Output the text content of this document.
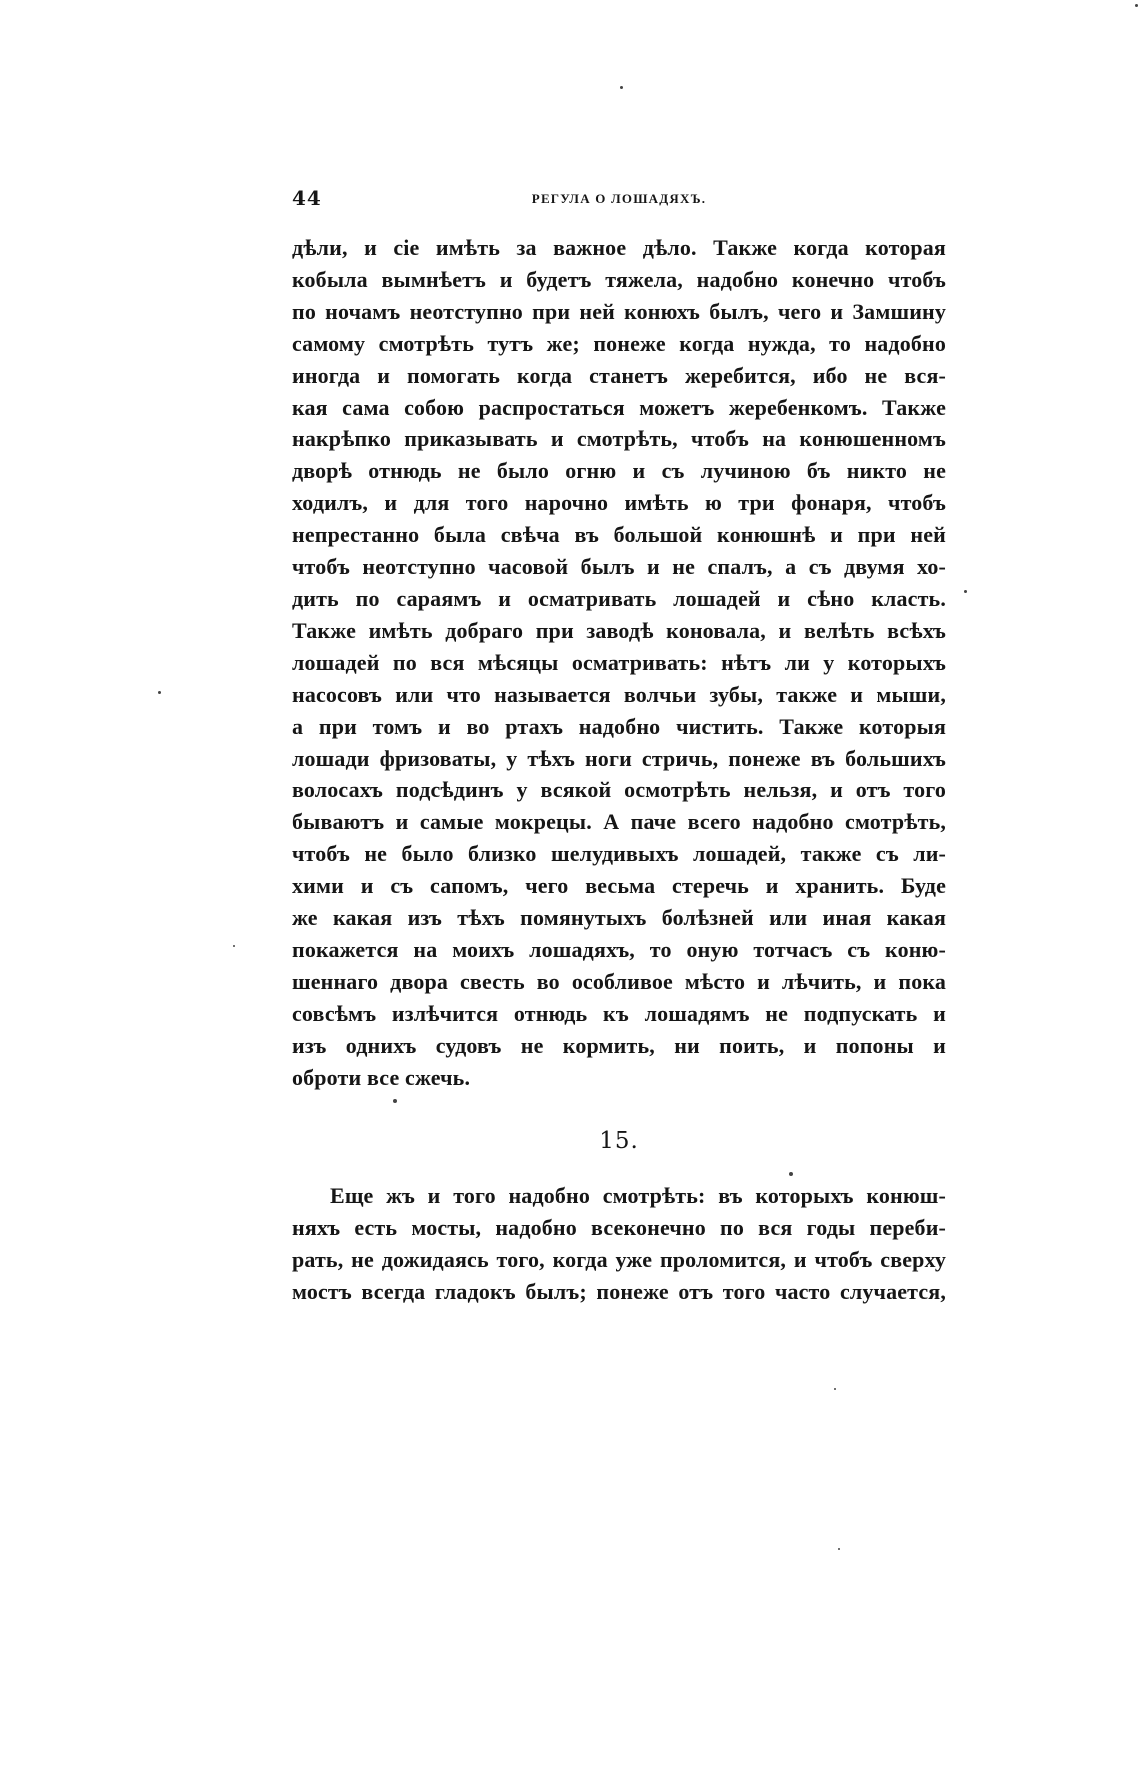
44	РЕГУЛА О ЛОШАДЯХЪ.
дѣли, и сіе имѣть за важное дѣло. Также когда которая
кобыла вымнѣетъ и будетъ тяжела, надобно конечно чтобъ
по ночамъ неотступно при ней конюхъ былъ, чего и Замшину
самому смотрѣть тутъ же; понеже когда нужда, то надобно
иногда и помогать когда станетъ жеребится, ибо не вся-
кая сама собою распростаться можетъ жеребенкомъ. Также
накрѣпко приказывать и смотрѣть, чтобъ на конюшенномъ
дворѣ отнюдь не было огню и съ лучиною бъ никто не
ходилъ, и для того нарочно имѣть ю три фонаря, чтобъ
непрестанно была свѣча въ большой конюшнѣ и при ней
чтобъ неотступно часовой былъ и не спалъ, а съ двумя хо-
дить по сараямъ и осматривать лошадей и сѣно класть.
Также имѣть добраго при заводѣ коновала, и велѣть всѣхъ
лошадей по вся мѣсяцы осматривать: нѣтъ ли у которыхъ
насосовъ или что называется волчьи зубы, также и мыши,
а при томъ и во ртахъ надобно чистить. Также которыя
лошади фризоваты, у тѣхъ ноги стричь, понеже въ большихъ
волосахъ подсѣдинъ у всякой осмотрѣть нельзя, и отъ того
бываютъ и самые мокрецы. А паче всего надобно смотрѣть,
чтобъ не было близко шелудивыхъ лошадей, также съ ли-
хими и съ сапомъ, чего весьма стеречь и хранить. Буде
же какая изъ тѣхъ помянутыхъ болѣзней или иная какая
покажется на моихъ лошадяхъ, то оную тотчасъ съ коню-
шеннаго двора свесть во особливое мѣсто и лѣчить, и пока
совсѣмъ излѣчится отнюдь къ лошадямъ не подпускать и
изъ однихъ судовъ не кормить, ни поить, и попоны и
оброти все сжечь.
15.
Еще жъ и того надобно смотрѣть: въ которыхъ конюш-
няхъ есть мосты, надобно всеконечно по вся годы переби-
рать, не дожидаясь того, когда уже проломится, и чтобъ сверху
мостъ всегда гладокъ былъ; понеже отъ того часто случается,
